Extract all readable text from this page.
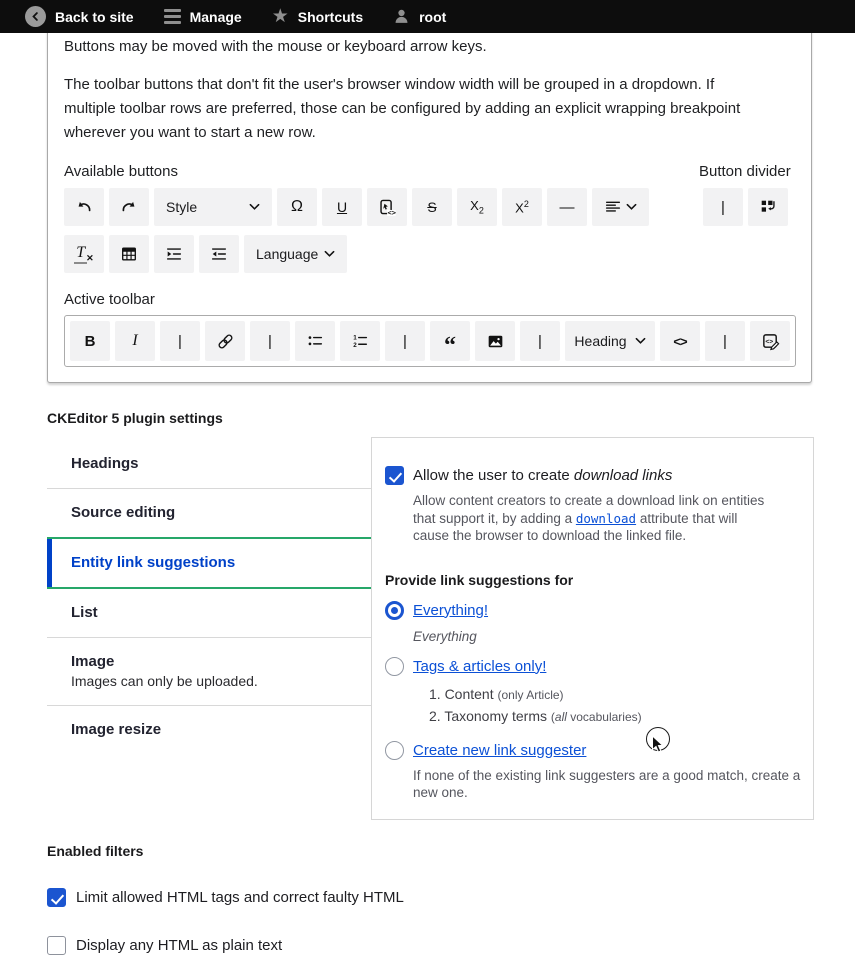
Back to site	Manage ★ Shortcuts	root
Buttons may be moved with the mouse or keyboard arrow keys.
The toolbar buttons that don't fit the user's browser window width will be grouped in a dropdown. If multiple toolbar rows are preferred, those can be configured by adding an explicit wrapping breakpoint wherever you want to start a new row.
Available buttons	Button divider
Style	Ω U	<> S	$X_2$ $X^2$ —	|
T ✕	Language
Active toolbar
B I	|	|	1
2	| “	| Heading	<> |	<>
CKEditor 5 plugin settings
Headings
Source editing
Entity link suggestions
List
Image
Images can only be uploaded.
Image resize
Allow the user to create download links
Allow content creators to create a download link on entities that support it, by adding a download attribute that will cause the browser to download the linked file.
Provide link suggestions for
Everything!
Everything
Tags & articles only!
1. Content (only Article)
2. Taxonomy terms (all vocabularies)
Create new link suggester
If none of the existing link suggesters are a good match, create a new one.
Enabled filters
Limit allowed HTML tags and correct faulty HTML
Display any HTML as plain text
